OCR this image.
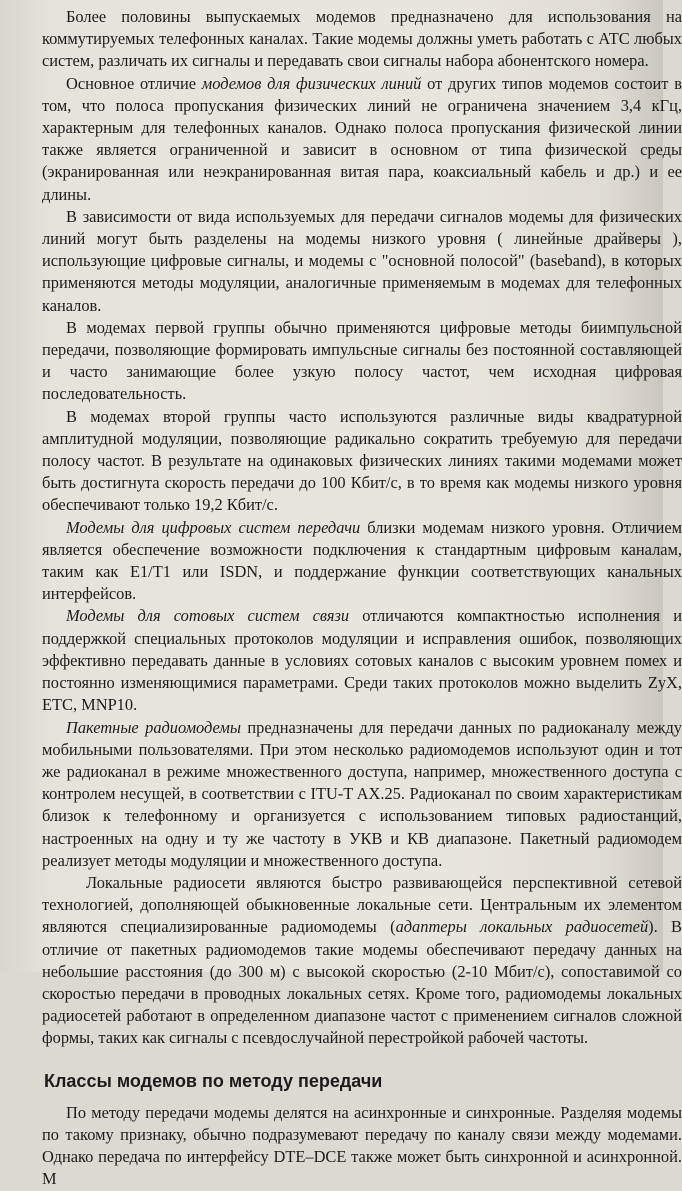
Более половины выпускаемых модемов предназначено для использования на коммутируемых телефонных каналах. Такие модемы должны уметь работать с АТС любых систем, различать их сигналы и передавать свои сигналы набора абонентского номера.

Основное отличие модемов для физических линий от других типов модемов состоит в том, что полоса пропускания физических линий не ограничена значением 3,4 кГц, характерным для телефонных каналов. Однако полоса пропускания физической линии также является ограниченной и зависит в основном от типа физической среды (экранированная или неэкранированная витая пара, коаксиальный кабель и др.) и ее длины.

В зависимости от вида используемых для передачи сигналов модемы для физических линий могут быть разделены на модемы низкого уровня ( линейные драйверы ), использующие цифровые сигналы, и модемы с "основной полосой" (baseband), в которых применяются методы модуляции, аналогичные применяемым в модемах для телефонных каналов.

В модемах первой группы обычно применяются цифровые методы биимпульсной передачи, позволяющие формировать импульсные сигналы без постоянной составляющей и часто занимающие более узкую полосу частот, чем исходная цифровая последовательность.

В модемах второй группы часто используются различные виды квадратурной амплитудной модуляции, позволяющие радикально сократить требуемую для передачи полосу частот. В результате на одинаковых физических линиях такими модемами может быть достигнута скорость передачи до 100 Кбит/с, в то время как модемы низкого уровня обеспечивают только 19,2 Кбит/с.

Модемы для цифровых систем передачи близки модемам низкого уровня. Отличием является обеспечение возможности подключения к стандартным цифровым каналам, таким как E1/T1 или ISDN, и поддержание функции соответствующих канальных интерфейсов.

Модемы для сотовых систем связи отличаются компактностью исполнения и поддержкой специальных протоколов модуляции и исправления ошибок, позволяющих эффективно передавать данные в условиях сотовых каналов с высоким уровнем помех и постоянно изменяющимися параметрами. Среди таких протоколов можно выделить ZyX, ETC, MNP10.

Пакетные радиомодемы предназначены для передачи данных по радиоканалу между мобильными пользователями. При этом несколько радиомодемов используют один и тот же радиоканал в режиме множественного доступа, например, множественного доступа с контролем несущей, в соответствии с ITU-T AX.25. Радиоканал по своим характеристикам близок к телефонному и организуется с использованием типовых радиостанций, настроенных на одну и ту же частоту в УКВ и КВ диапазоне. Пакетный радиомодем реализует методы модуляции и множественного доступа.

Локальные радиосети являются быстро развивающейся перспективной сетевой технологией, дополняющей обыкновенные локальные сети. Центральным их элементом являются специализированные радиомодемы (адаптеры локальных радиосетей). В отличие от пакетных радиомодемов такие модемы обеспечивают передачу данных на небольшие расстояния (до 300 м) с высокой скоростью (2-10 Мбит/с), сопоставимой со скоростью передачи в проводных локальных сетях. Кроме того, радиомодемы локальных радиосетей работают в определенном диапазоне частот с применением сигналов сложной формы, таких как сигналы с псевдослучайной перестройкой рабочей частоты.

Классы модемов по методу передачи

По методу передачи модемы делятся на асинхронные и синхронные. Разделяя модемы по такому признаку, обычно подразумевают передачу по каналу связи между модемами. Однако передача по интерфейсу DTE–DCE также может быть синхронной и асинхронной. М
